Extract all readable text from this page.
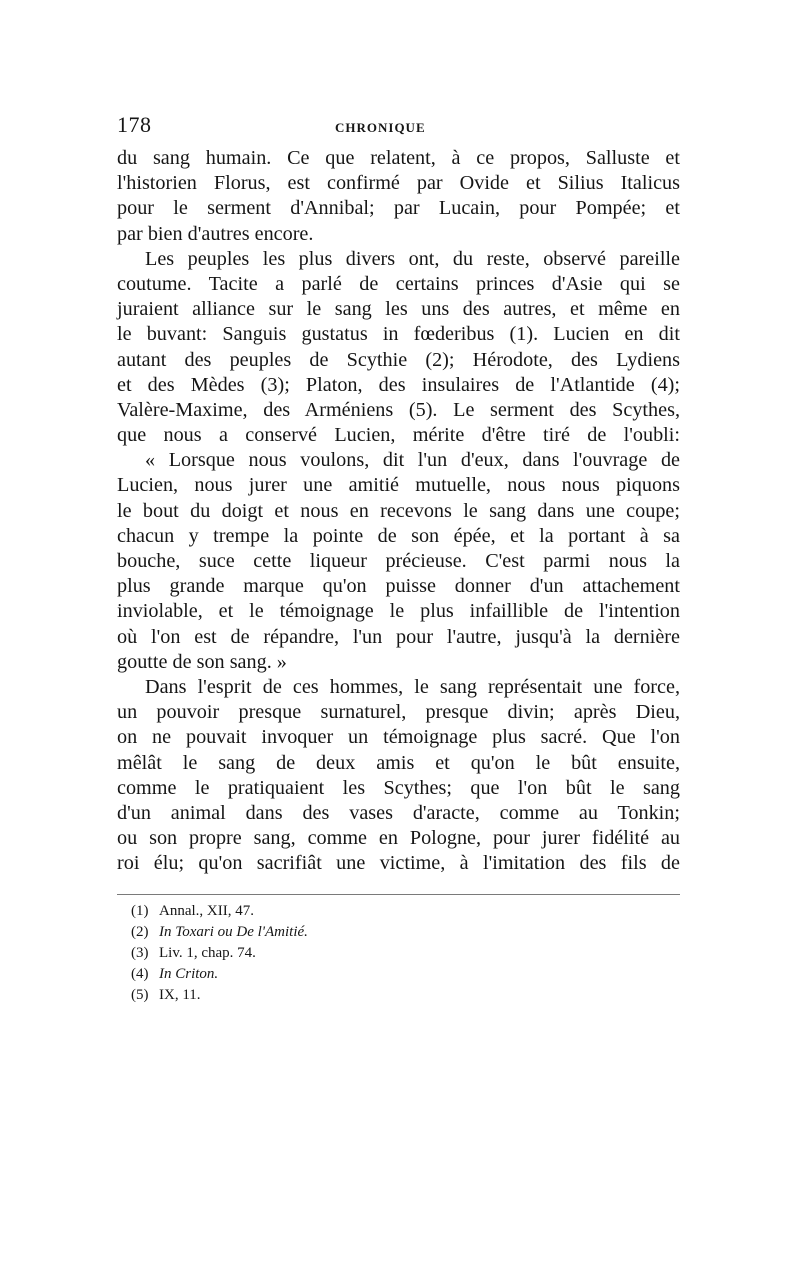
178	CHRONIQUE
du sang humain. Ce que relatent, à ce propos, Salluste et
l'historien Florus, est confirmé par Ovide et Silius Italicus
pour le serment d'Annibal; par Lucain, pour Pompée; et
par bien d'autres encore.
Les peuples les plus divers ont, du reste, observé pareille
coutume. Tacite a parlé de certains princes d'Asie qui se
juraient alliance sur le sang les uns des autres, et même en
le buvant: Sanguis gustatus in fœderibus (1). Lucien en dit
autant des peuples de Scythie (2); Hérodote, des Lydiens
et des Mèdes (3); Platon, des insulaires de l'Atlantide (4);
Valère-Maxime, des Arméniens (5). Le serment des Scythes,
que nous a conservé Lucien, mérite d'être tiré de l'oubli:
« Lorsque nous voulons, dit l'un d'eux, dans l'ouvrage de
Lucien, nous jurer une amitié mutuelle, nous nous piquons
le bout du doigt et nous en recevons le sang dans une coupe;
chacun y trempe la pointe de son épée, et la portant à sa
bouche, suce cette liqueur précieuse. C'est parmi nous la
plus grande marque qu'on puisse donner d'un attachement
inviolable, et le témoignage le plus infaillible de l'intention
où l'on est de répandre, l'un pour l'autre, jusqu'à la dernière
goutte de son sang. »
Dans l'esprit de ces hommes, le sang représentait une force,
un pouvoir presque surnaturel, presque divin; après Dieu,
on ne pouvait invoquer un témoignage plus sacré. Que l'on
mêlât le sang de deux amis et qu'on le bût ensuite,
comme le pratiquaient les Scythes; que l'on bût le sang
d'un animal dans des vases d'aracte, comme au Tonkin;
ou son propre sang, comme en Pologne, pour jurer fidélité au
roi élu; qu'on sacrifiât une victime, à l'imitation des fils de
(1) Annal., XII, 47.
(2) In Toxari ou De l'Amitié.
(3) Liv. 1, chap. 74.
(4) In Criton.
(5) IX, 11.
